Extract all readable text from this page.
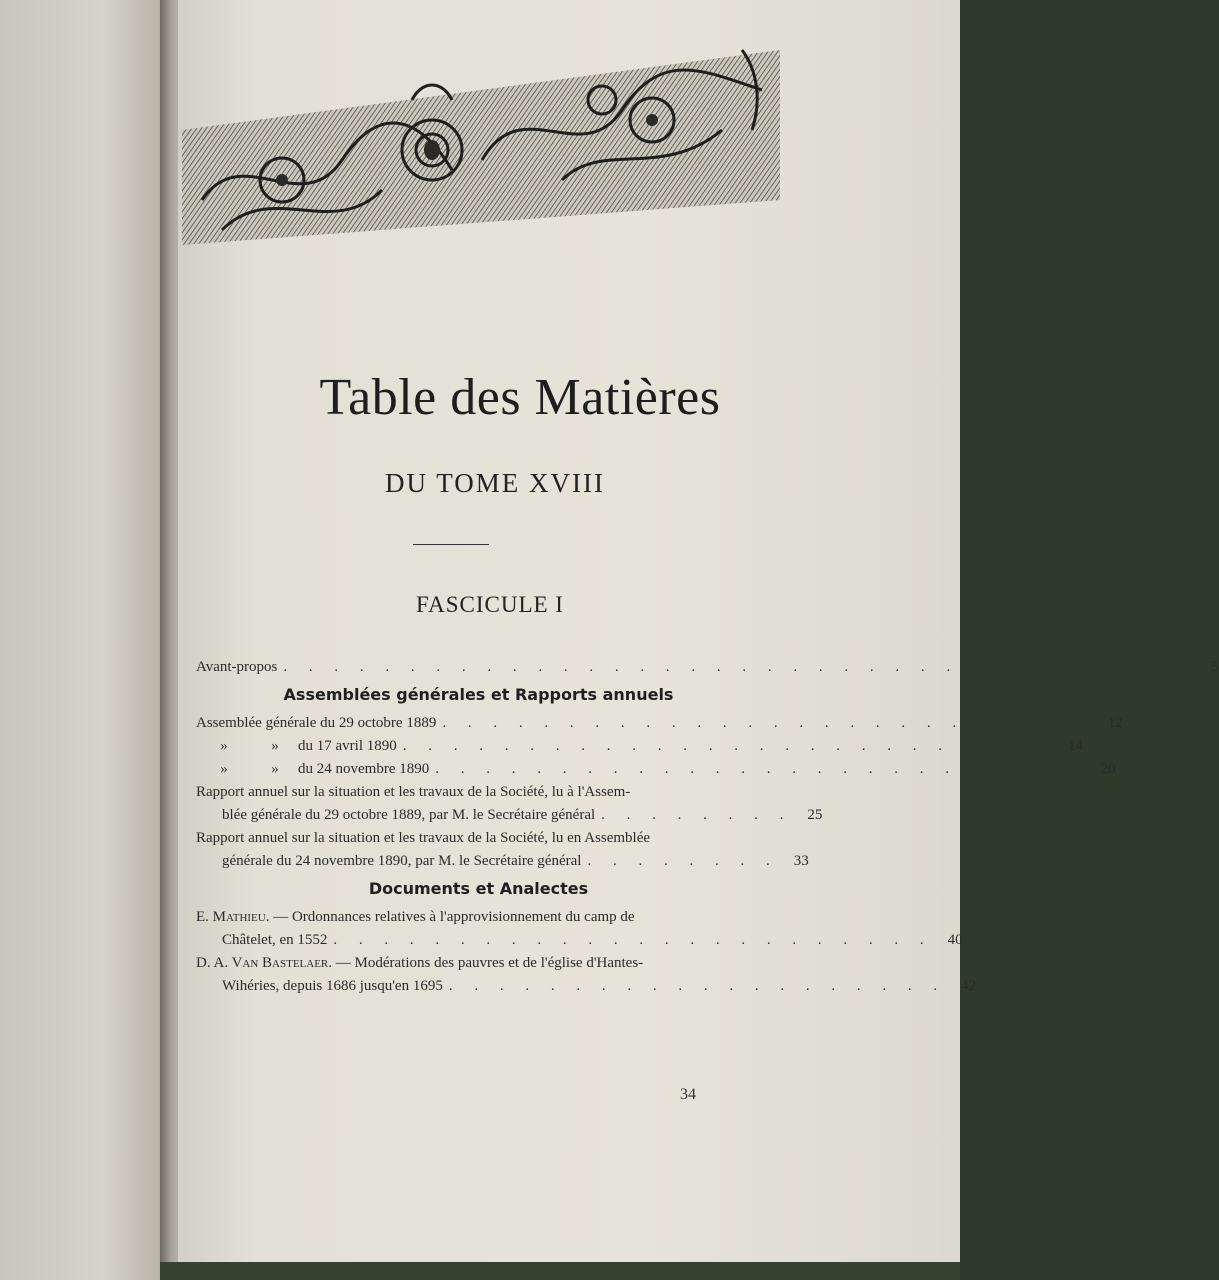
Table des Matières
DU TOME XVIII
FASCICULE I
Avant-propos . . . . . . . . . . . . . . . . . . . . . . . . . . . . . . . . . . . .	5
Assemblées générales et Rapports annuels
Assemblée générale du 29 octobre 1889 . . . . . . . . . . . . . . . . . . . . . . . . . .	12
»	» du 17 avril 1890 . . . . . . . . . . . . . . . . . . . . . . . . . .	14
»	» du 24 novembre 1890 . . . . . . . . . . . . . . . . . . . . . . . . . .	20
Rapport annuel sur la situation et les travaux de la Société, lu à l'Assem-
blée générale du 29 octobre 1889, par M. le Secrétaire général . . . . . . . .	25
Rapport annuel sur la situation et les travaux de la Société, lu en Assemblée
générale du 24 novembre 1890, par M. le Secrétaire général . . . . . . . .	33
Documents et Analectes
E. Mathieu. — Ordonnances relatives à l'approvisionnement du camp de
Châtelet, en 1552 . . . . . . . . . . . . . . . . . . . . . . . .	40
D. A. Van Bastelaer. — Modérations des pauvres et de l'église d'Hantes-
Wihéries, depuis 1686 jusqu'en 1695 . . . . . . . . . . . . . . . . . . . .	42
34
